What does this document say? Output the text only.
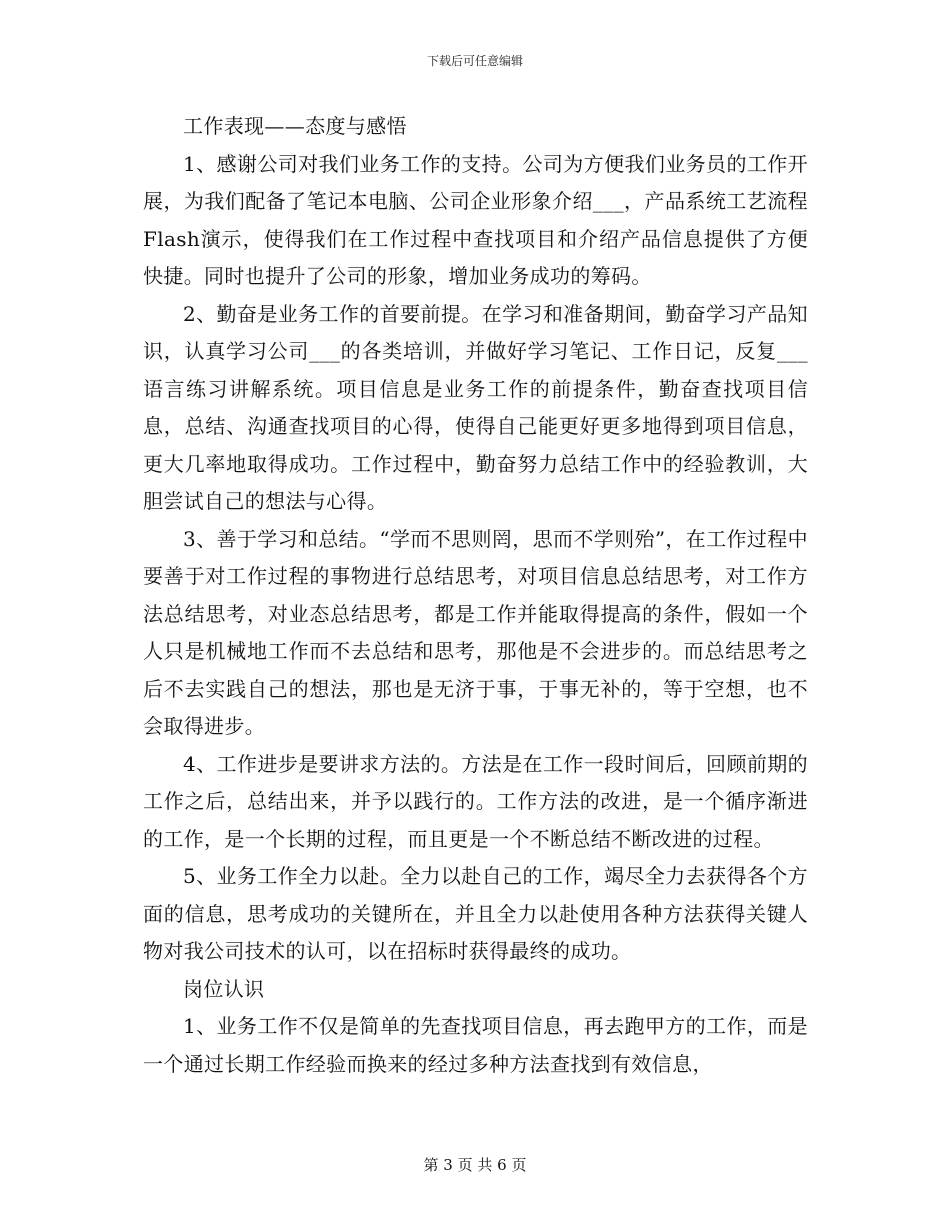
下载后可任意编辑

工作表现——态度与感悟

1、感谢公司对我们业务工作的支持。公司为方便我们业务员的工作开展，为我们配备了笔记本电脑、公司企业形象介绍___，产品系统工艺流程Flash演示，使得我们在工作过程中查找项目和介绍产品信息提供了方便快捷。同时也提升了公司的形象，增加业务成功的筹码。

2、勤奋是业务工作的首要前提。在学习和准备期间，勤奋学习产品知识，认真学习公司___的各类培训，并做好学习笔记、工作日记，反复___语言练习讲解系统。项目信息是业务工作的前提条件，勤奋查找项目信息，总结、沟通查找项目的心得，使得自己能更好更多地得到项目信息，更大几率地取得成功。工作过程中，勤奋努力总结工作中的经验教训，大胆尝试自己的想法与心得。

3、善于学习和总结。“学而不思则罔，思而不学则殆”，在工作过程中要善于对工作过程的事物进行总结思考，对项目信息总结思考，对工作方法总结思考，对业态总结思考，都是工作并能取得提高的条件，假如一个人只是机械地工作而不去总结和思考，那他是不会进步的。而总结思考之后不去实践自己的想法，那也是无济于事，于事无补的，等于空想，也不会取得进步。

4、工作进步是要讲求方法的。方法是在工作一段时间后，回顾前期的工作之后，总结出来，并予以践行的。工作方法的改进，是一个循序渐进的工作，是一个长期的过程，而且更是一个不断总结不断改进的过程。

5、业务工作全力以赴。全力以赴自己的工作，竭尽全力去获得各个方面的信息，思考成功的关键所在，并且全力以赴使用各种方法获得关键人物对我公司技术的认可，以在招标时获得最终的成功。

岗位认识

1、业务工作不仅是简单的先查找项目信息，再去跑甲方的工作，而是一个通过长期工作经验而换来的经过多种方法查找到有效信息，

第 3 页 共 6 页
